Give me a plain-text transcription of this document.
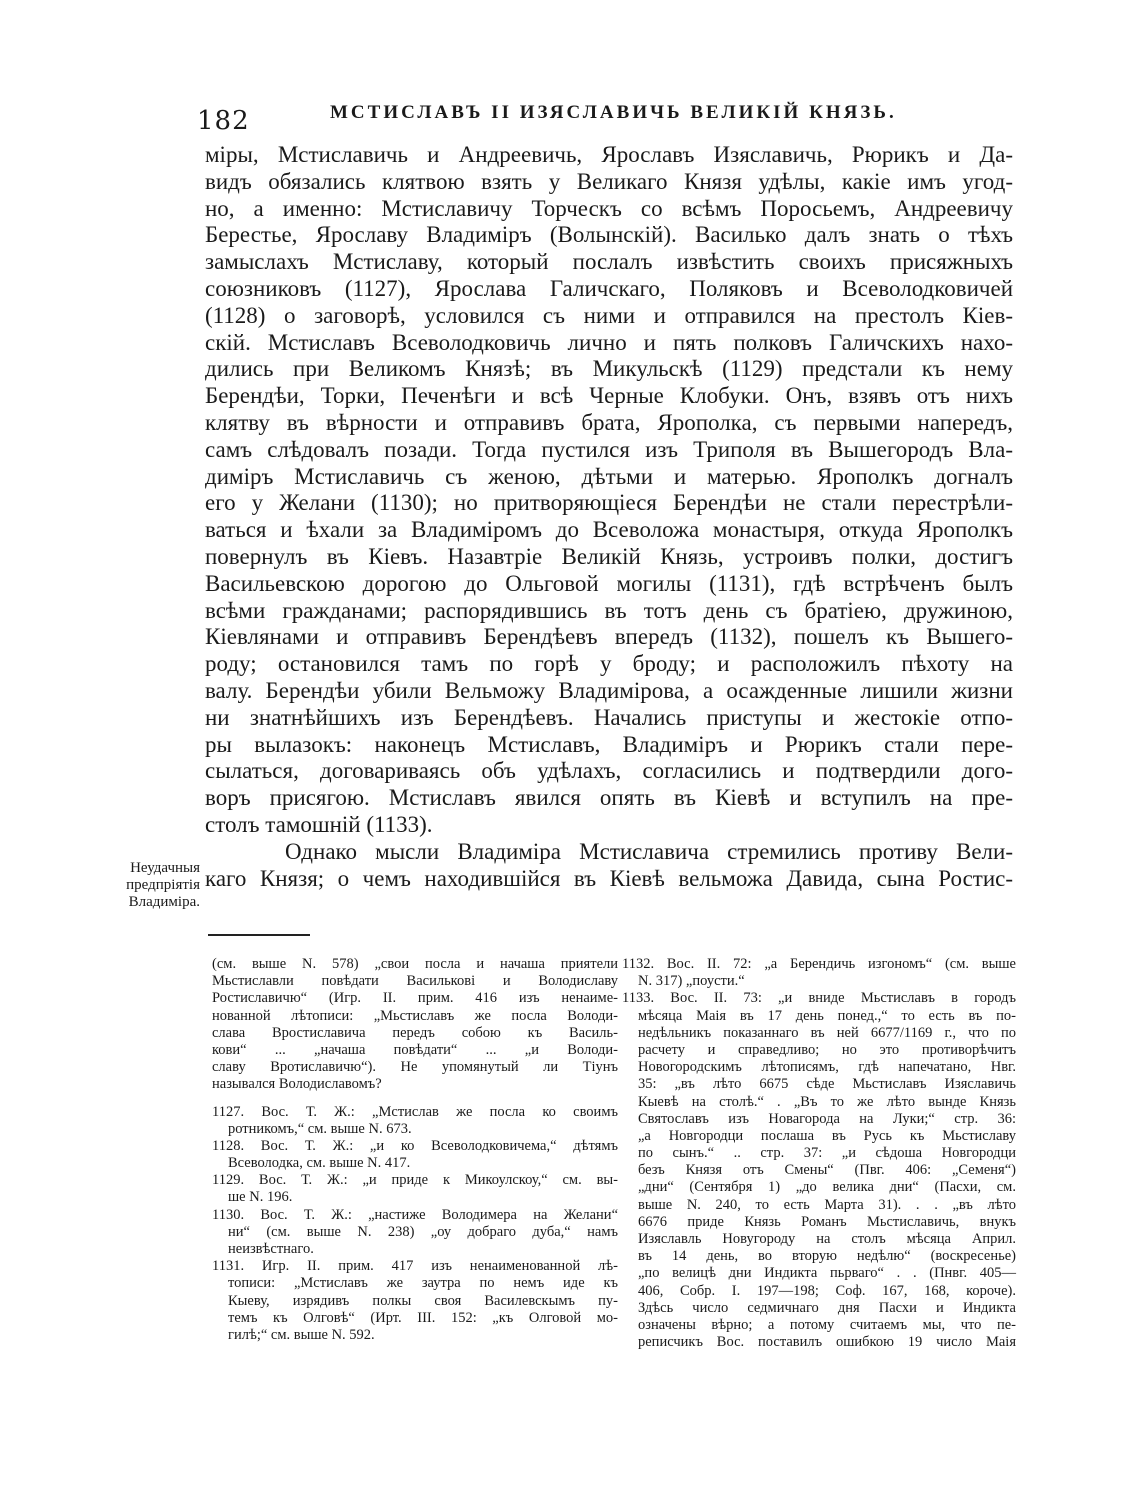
182	МСТИСЛАВЪ II ИЗЯСЛАВИЧЬ ВЕЛИКІЙ КНЯЗЬ.
міры, Мстиславичь и Андреевичь, Ярославъ Изяславичь, Рюрикъ и Да-
видъ обязались клятвою взять у Великаго Князя удѣлы, какіе имъ угод-
но, а именно: Мстиславичу Торческъ со всѣмъ Поросьемъ, Андреевичу
Берестье, Ярославу Владиміръ (Волынскій). Василько далъ знать о тѣхъ
замыслахъ Мстиславу, который послалъ извѣстить своихъ присяжныхъ
союзниковъ (1127), Ярослава Галичскаго, Поляковъ и Всеволодковичей
(1128) о заговорѣ, условился съ ними и отправился на престолъ Кіев-
скій. Мстиславъ Всеволодковичь лично и пять полковъ Галичскихъ нахо-
дились при Великомъ Князѣ; въ Микульскѣ (1129) предстали къ нему
Берендѣи, Торки, Печенѣги и всѣ Черные Клобуки. Онъ, взявъ отъ нихъ
клятву въ вѣрности и отправивъ брата, Ярополка, съ первыми напередъ,
самъ слѣдовалъ позади. Тогда пустился изъ Триполя въ Вышегородъ Вла-
диміръ Мстиславичь съ женою, дѣтьми и матерью. Ярополкъ догналъ
его у Желани (1130); но притворяющіеся Берендѣи не стали перестрѣли-
ваться и ѣхали за Владиміромъ до Всеволожа монастыря, откуда Ярополкъ
повернулъ въ Кіевъ. Назавтріе Великій Князь, устроивъ полки, достигъ
Васильевскою дорогою до Ольговой могилы (1131), гдѣ встрѣченъ былъ
всѣми гражданами; распорядившись въ тотъ день съ братіею, дружиною,
Кіевлянами и отправивъ Берендѣевъ впередъ (1132), пошелъ къ Вышего-
роду; остановился тамъ по горѣ у броду; и расположилъ пѣхоту на
валу. Берендѣи убили Вельможу Владимірова, а осажденные лишили жизни
ни знатнѣйшихъ изъ Берендѣевъ. Начались приступы и жестокіе отпо-
ры вылазокъ: наконецъ Мстиславъ, Владиміръ и Рюрикъ стали пере-
сылаться, договариваясь объ удѣлахъ, согласились и подтвердили дого-
воръ присягою. Мстиславъ явился опять въ Кіевѣ и вступилъ на пре-
столъ тамошній (1133).
Однако мысли Владиміра Мстиславича стремились противу Вели-
каго Князя; о чемъ находившійся въ Кіевѣ вельможа Давида, сына Ростис-
Неудачныя
предпріятія
Владиміра.
(см. выше N. 578) „свои посла и начаша приятели
Мьстиславли повѣдати Васильковi и Володиславу
Ростиславичю“ (Игр. II. прим. 416 изъ ненаиме-
нованной лѣтописи: „Мьстиславъ же посла Володи-
слава Вростиславича передъ собою къ Василь-
кови“ ... „начаша повѣдати“ ... „и Володи-
славу Вротиславичю“). Не упомянутый ли Тіунъ
назывался Володиславомъ?
1127. Вос. Т. Ж.: „Мстислав же посла ко своимъ
ротникомъ,“ см. выше N. 673.
1128. Вос. Т. Ж.: „и ко Всеволодковичема,“ дѣтямъ
Всеволодка, см. выше N. 417.
1129. Вос. Т. Ж.: „и приде к Микоулскоу,“ см. вы-
ше N. 196.
1130. Вос. Т. Ж.: „настиже Володимера на Желани“
ни“ (см. выше N. 238) „оу добраго дуба,“ намъ
неизвѣстнаго.
1131. Игр. II. прим. 417 изъ ненаименованной лѣ-
тописи: „Мстиславъ же заутра по немъ иде къ
Кыеву, изрядивъ полкы своя Василевскымъ пу-
темъ къ Олговѣ“ (Ирт. III. 152: „къ Олговой мо-
гилѣ;“ см. выше N. 592.
1132. Вос. II. 72: „а Берендичь изгономъ“ (см. выше
N. 317) „поусти.“
1133. Вос. II. 73: „и вниде Мьстиславъ в городъ
мѣсяца Маія въ 17 день понед.,“ то есть въ по-
недѣльникъ показаннаго въ ней 6677/1169 г., что по
расчету и справедливо; но это противорѣчитъ
Новогородскимъ лѣтописямъ, гдѣ напечатано, Нвг.
35: „въ лѣто 6675 сѣде Мьстиславъ Изяславичь
Кыевѣ на столѣ.“ . „Въ то же лѣто вынде Князь
Святославъ изъ Новагорода на Луки;“ стр. 36:
„а Новгородци послаша въ Русь къ Мьстиславу
по сынъ.“ .. стр. 37: „и сѣдоша Новгородци
безъ Князя отъ Смены“ (Пвг. 406: „Семеня“)
„дни“ (Сентября 1) „до велика дни“ (Пасхи, см.
выше N. 240, то есть Марта 31). . . „въ лѣто
6676 приде Князь Романъ Мьстиславичь, внукъ
Изяславль Новугороду на столъ мѣсяца Април.
въ 14 день, во вторую недѣлю“ (воскресенье)
„по велицѣ дни Индикта пьрваго“ . . (Пнвг. 405—
406, Собр. I. 197—198; Соф. 167, 168, короче).
Здѣсь число седмичнаго дня Пасхи и Индикта
означены вѣрно; а потому считаемъ мы, что пе-
реписчикъ Вос. поставилъ ошибкою 19 число Маія
